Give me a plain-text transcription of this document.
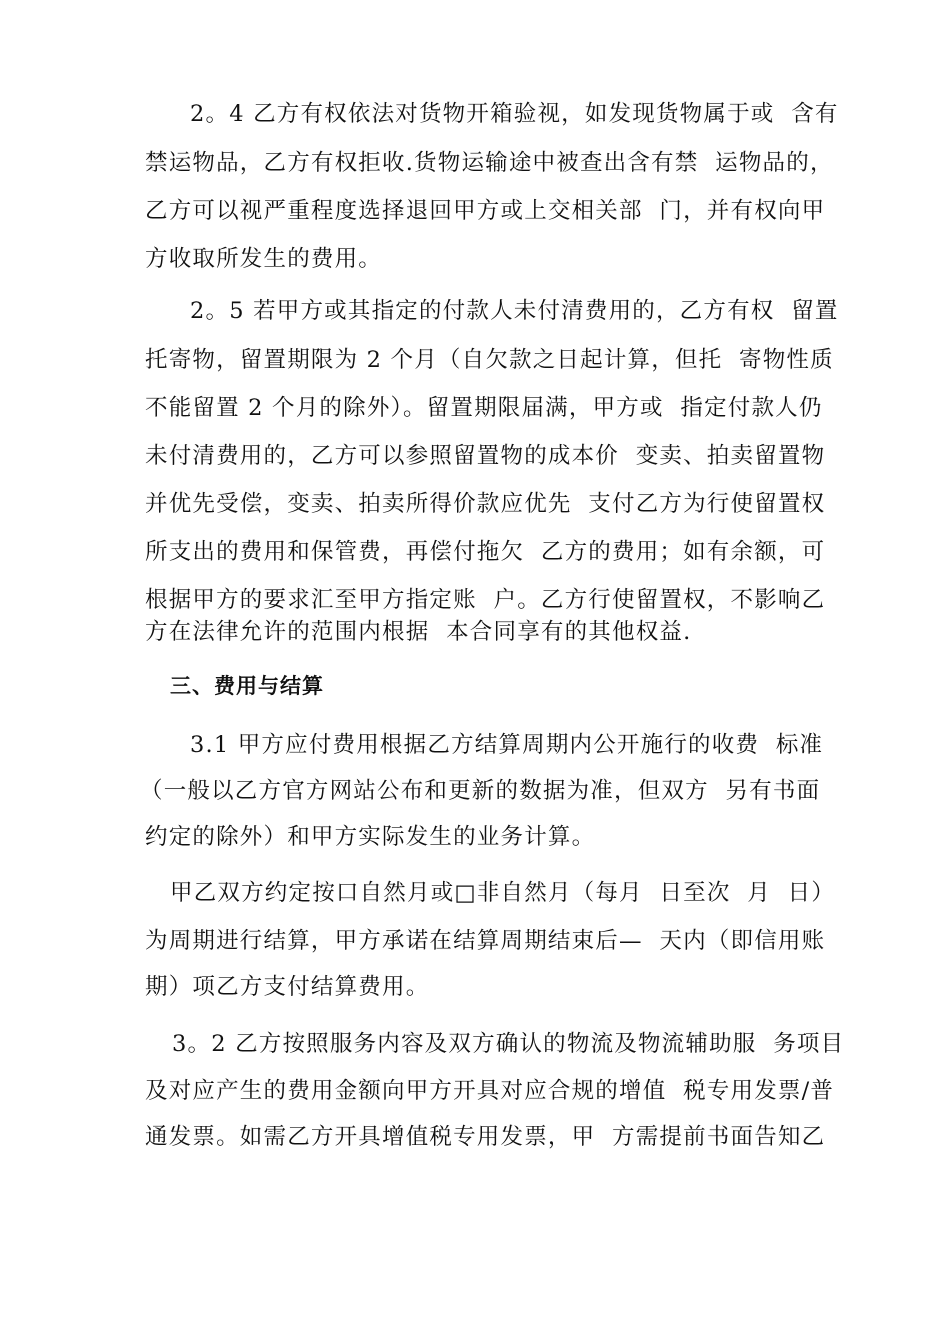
2。4 乙方有权依法对货物开箱验视，如发现货物属于或  含有
禁运物品，乙方有权拒收.货物运输途中被查出含有禁  运物品的，
乙方可以视严重程度选择退回甲方或上交相关部  门，并有权向甲
方收取所发生的费用。
2。5 若甲方或其指定的付款人未付清费用的，乙方有权  留置
托寄物，留置期限为 2 个月（自欠款之日起计算，但托  寄物性质
不能留置 2 个月的除外）。留置期限届满，甲方或  指定付款人仍
未付清费用的，乙方可以参照留置物的成本价  变卖、拍卖留置物
并优先受偿，变卖、拍卖所得价款应优先  支付乙方为行使留置权
所支出的费用和保管费，再偿付拖欠  乙方的费用；如有余额，可
根据甲方的要求汇至甲方指定账  户。乙方行使留置权，不影响乙
方在法律允许的范围内根据  本合同享有的其他权益.
三、费用与结算
3.1 甲方应付费用根据乙方结算周期内公开施行的收费  标准
（一般以乙方官方网站公布和更新的数据为准，但双方  另有书面
约定的除外）和甲方实际发生的业务计算。
甲乙双方约定按口自然月或□非自然月（每月  日至次  月  日）
为周期进行结算，甲方承诺在结算周期结束后—  天内（即信用账
期）项乙方支付结算费用。
3。2 乙方按照服务内容及双方确认的物流及物流辅助服  务项目
及对应产生的费用金额向甲方开具对应合规的增值  税专用发票/普
通发票。如需乙方开具增值税专用发票，甲  方需提前书面告知乙
